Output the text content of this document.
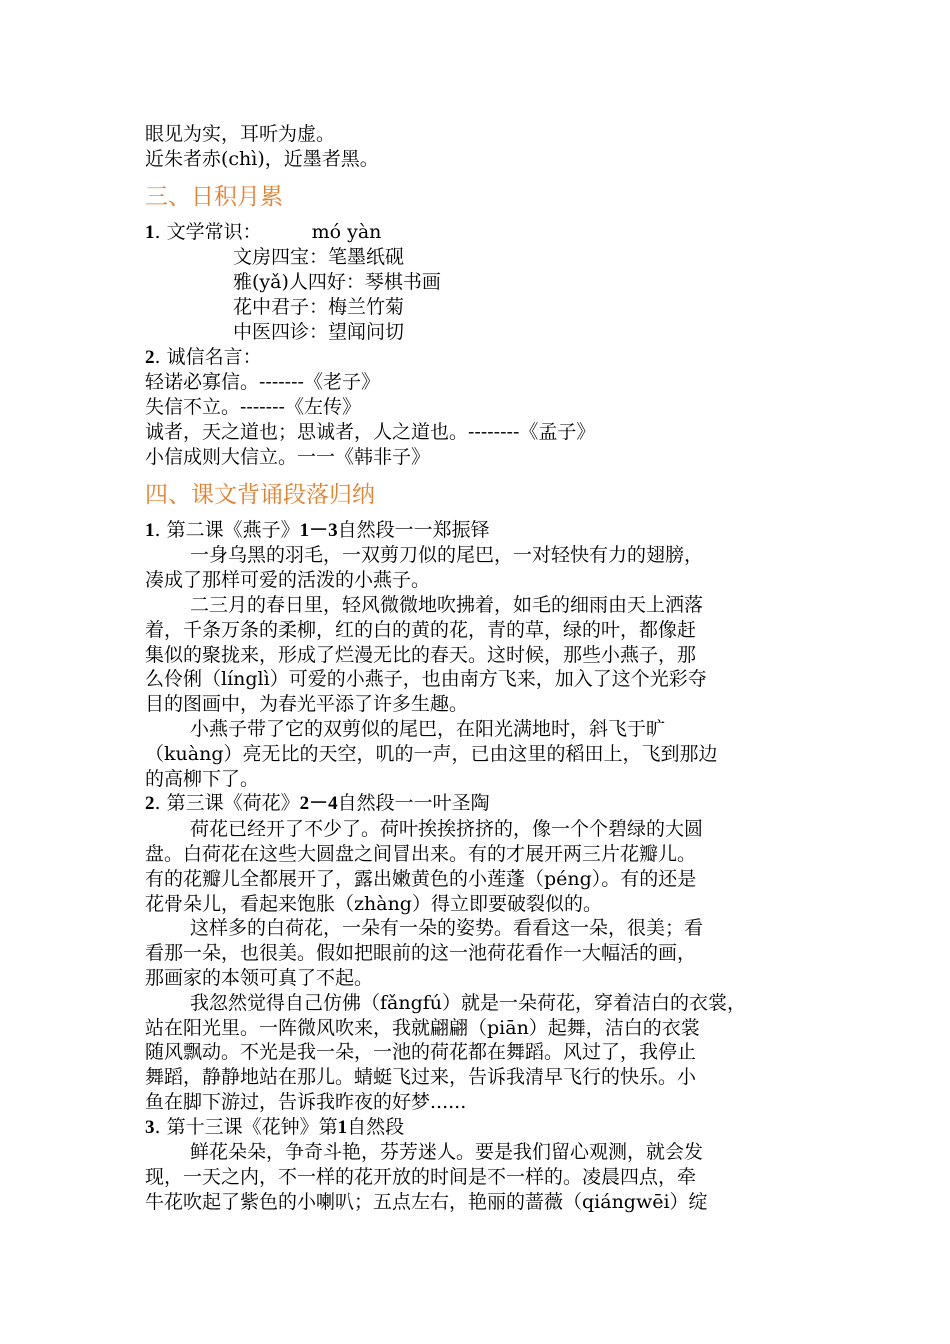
眼见为实，耳听为虚。
近朱者赤(chì)，近墨者黑。
三、日积月累
1. 文学常识：	mó yàn
文房四宝：笔墨纸砚
雅(yǎ)人四好：琴棋书画
花中君子：梅兰竹菊
中医四诊：望闻问切
2. 诚信名言：
轻诺必寡信。-------《老子》
失信不立。-------《左传》
诚者，天之道也；思诚者，人之道也。--------《孟子》
小信成则大信立。一一《韩非子》
四、课文背诵段落归纳
1. 第二课《燕子》1－3自然段一一郑振铎
一身乌黑的羽毛，一双剪刀似的尾巴，一对轻快有力的翅膀，
凑成了那样可爱的活泼的小燕子。
二三月的春日里，轻风微微地吹拂着，如毛的细雨由天上洒落
着，千条万条的柔柳，红的白的黄的花，青的草，绿的叶，都像赶
集似的聚拢来，形成了烂漫无比的春天。这时候，那些小燕子，那
么伶俐（línglì）可爱的小燕子，也由南方飞来，加入了这个光彩夺
目的图画中，为春光平添了许多生趣。
小燕子带了它的双剪似的尾巴，在阳光满地时，斜飞于旷
（kuàng）亮无比的天空，叽的一声，已由这里的稻田上，飞到那边
的高柳下了。
2. 第三课《荷花》2－4自然段一一叶圣陶
荷花已经开了不少了。荷叶挨挨挤挤的，像一个个碧绿的大圆
盘。白荷花在这些大圆盘之间冒出来。有的才展开两三片花瓣儿。
有的花瓣儿全都展开了，露出嫩黄色的小莲蓬（péng）。有的还是
花骨朵儿，看起来饱胀（zhàng）得立即要破裂似的。
这样多的白荷花，一朵有一朵的姿势。看看这一朵，很美；看
看那一朵，也很美。假如把眼前的这一池荷花看作一大幅活的画，
那画家的本领可真了不起。
我忽然觉得自己仿佛（fǎngfú）就是一朵荷花，穿着洁白的衣裳，
站在阳光里。一阵微风吹来，我就翩翩（piān）起舞，洁白的衣裳
随风飘动。不光是我一朵，一池的荷花都在舞蹈。风过了，我停止
舞蹈，静静地站在那儿。蜻蜓飞过来，告诉我清早飞行的快乐。小
鱼在脚下游过，告诉我昨夜的好梦......
3. 第十三课《花钟》第1自然段
鲜花朵朵，争奇斗艳，芬芳迷人。要是我们留心观测，就会发
现，一天之内，不一样的花开放的时间是不一样的。凌晨四点，牵
牛花吹起了紫色的小喇叭；五点左右，艳丽的蔷薇（qiángwēi）绽
